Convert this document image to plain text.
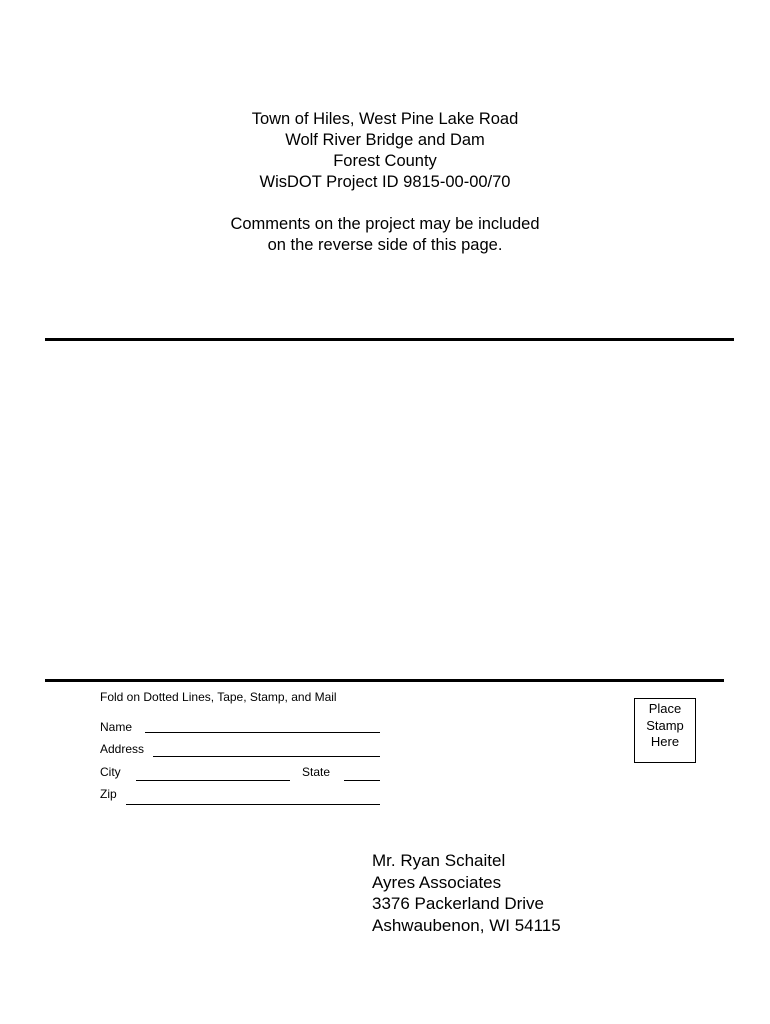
Town of Hiles, West Pine Lake Road
Wolf River Bridge and Dam
Forest County
WisDOT Project ID 9815-00-00/70
Comments on the project may be included
on the reverse side of this page.
Fold on Dotted Lines, Tape, Stamp, and Mail
Name
Address
City	State
Zip
Place
Stamp
Here
Mr. Ryan Schaitel
Ayres Associates
3376 Packerland Drive
Ashwaubenon, WI 54115
